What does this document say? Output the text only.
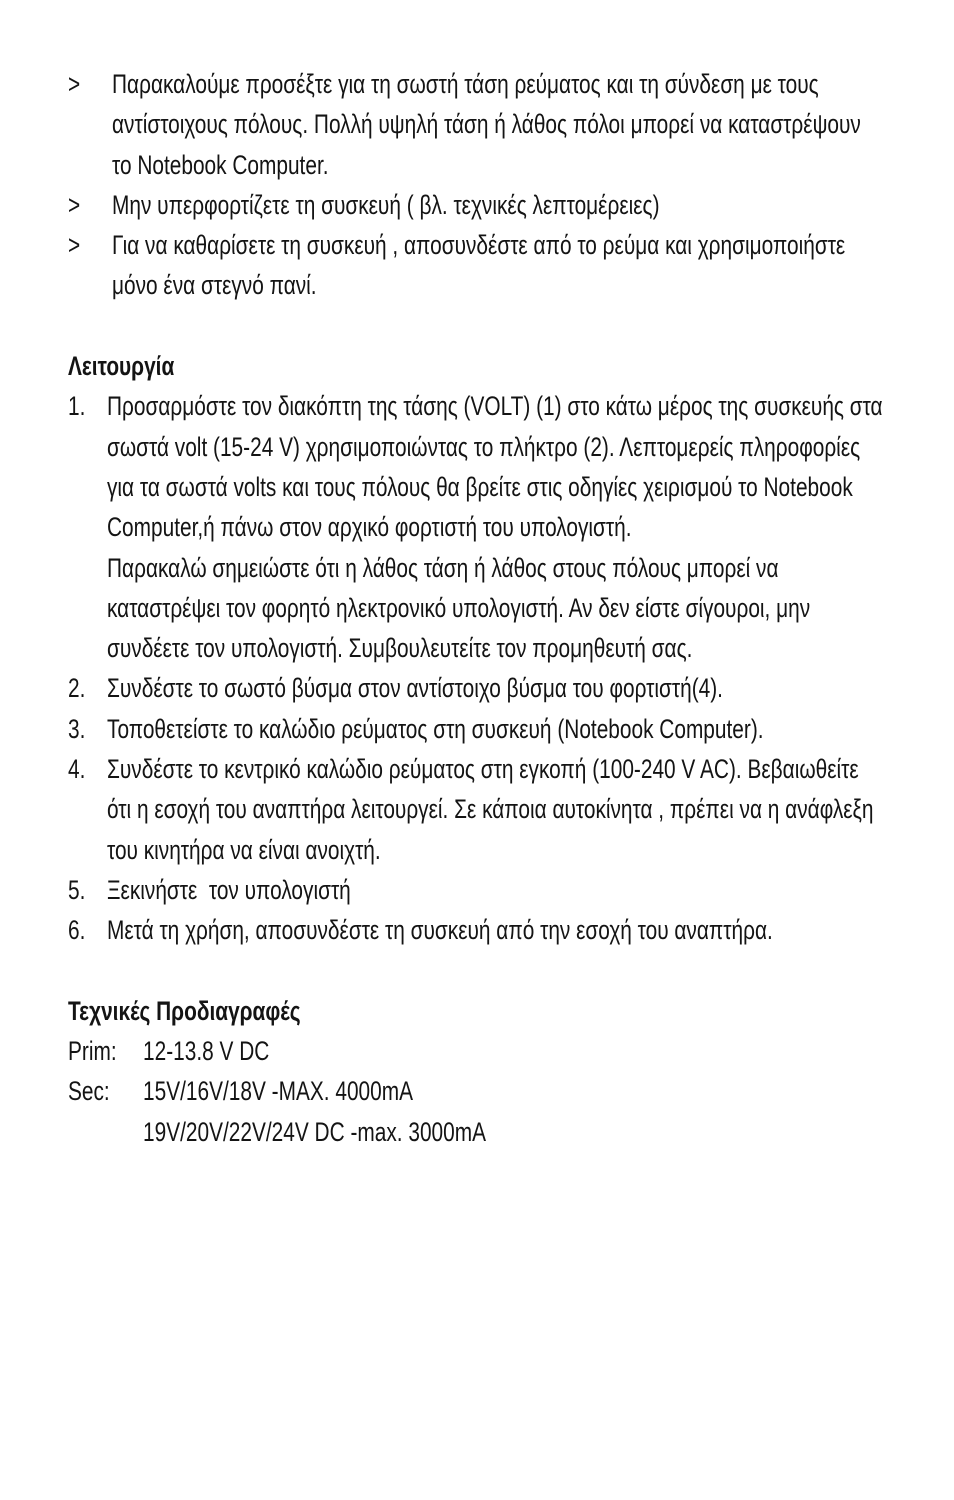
> Παρακαλούμε προσέξτε για τη σωστή τάση ρεύματος και τη σύνδεση με τους
αντίστοιχους πόλους. Πολλή υψηλή τάση ή λάθος πόλοι μπορεί να καταστρέψουν
το Notebook Computer.
> Μην υπερφορτίζετε τη συσκευή ( βλ. τεχνικές λεπτομέρειες)
> Για να καθαρίσετε τη συσκευή , αποσυνδέστε από το ρεύμα και χρησιμοποιήστε
μόνο ένα στεγνό πανί.
Λειτουργία
1. Προσαρμόστε τον διακόπτη της τάσης (VOLT) (1) στο κάτω μέρος της συσκευής στα
σωστά volt (15-24 V) χρησιμοποιώντας το πλήκτρο (2). Λεπτομερείς πληροφορίες
για τα σωστά volts και τους πόλους θα βρείτε στις οδηγίες χειρισμού το Notebook
Computer,ή πάνω στον αρχικό φορτιστή του υπολογιστή.
Παρακαλώ σημειώστε ότι η λάθος τάση ή λάθος στους πόλους μπορεί να
καταστρέψει τον φορητό ηλεκτρονικό υπολογιστή. Αν δεν είστε σίγουροι, μην
συνδέετε τον υπολογιστή. Συμβουλευτείτε τον προμηθευτή σας.
2. Συνδέστε το σωστό βύσμα στον αντίστοιχο βύσμα του φορτιστή(4).
3. Τοποθετείστε το καλώδιο ρεύματος στη συσκευή (Notebook Computer).
4. Συνδέστε το κεντρικό καλώδιο ρεύματος στη εγκοπή (100-240 V AC). Βεβαιωθείτε
ότι η εσοχή του αναπτήρα λειτουργεί. Σε κάποια αυτοκίνητα , πρέπει να η ανάφλεξη
του κινητήρα να είναι ανοιχτή.
5. Ξεκινήστε  τον υπολογιστή
6. Μετά τη χρήση, αποσυνδέστε τη συσκευή από την εσοχή του αναπτήρα.
Τεχνικές Προδιαγραφές
Prim: 12-13.8 V DC
Sec: 15V/16V/18V -MAX. 4000mA
19V/20V/22V/24V DC -max. 3000mA
